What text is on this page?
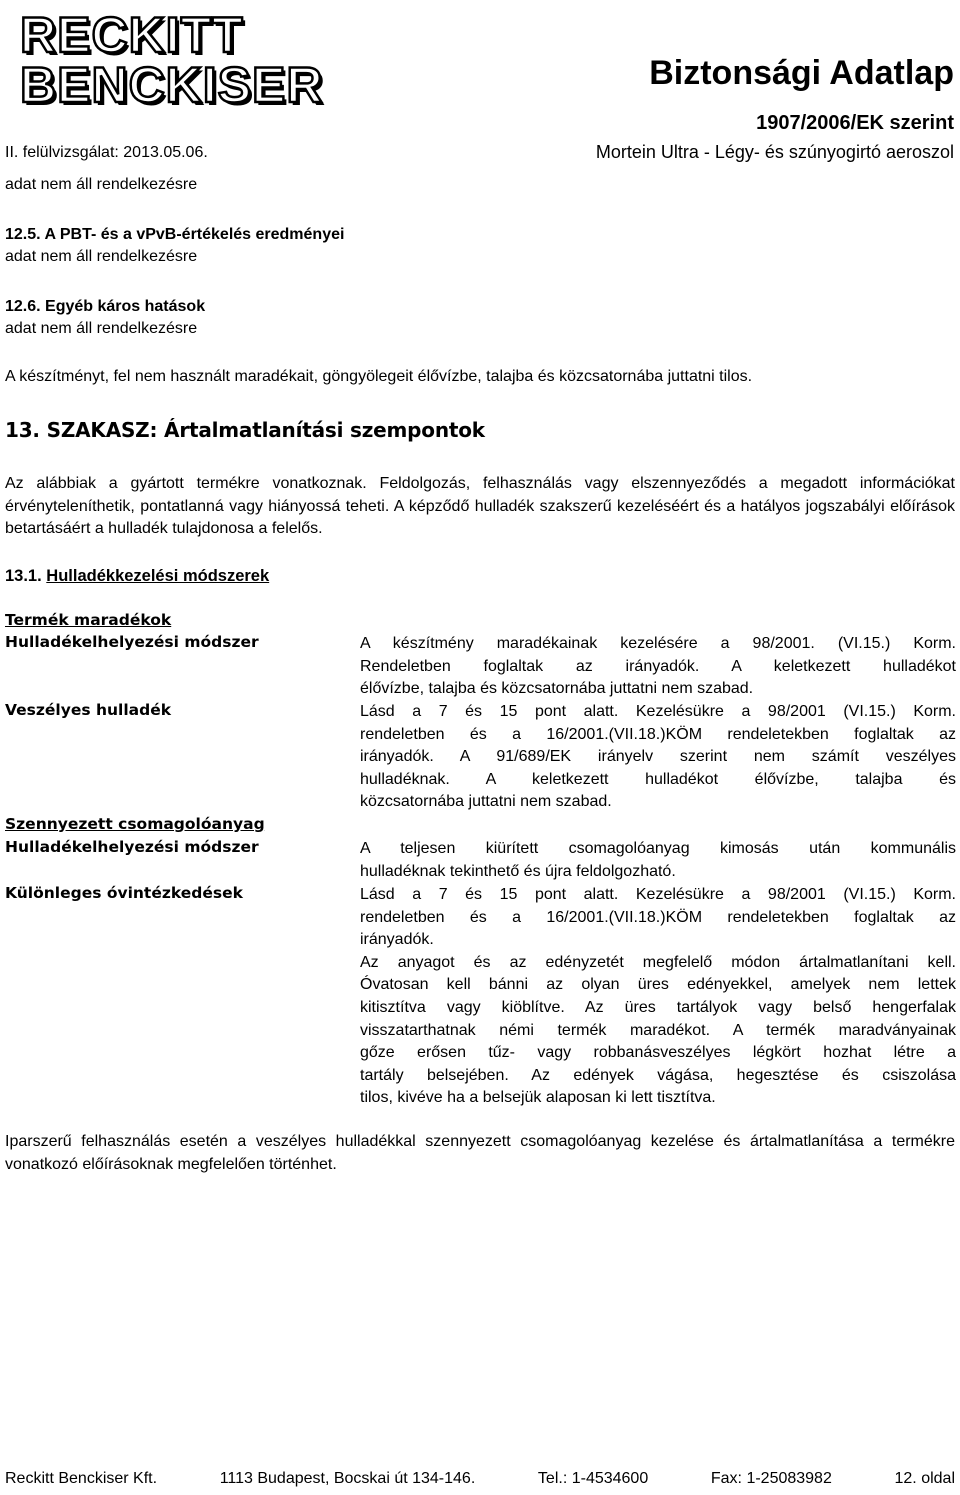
RECKITT
BENCKISER	Biztonsági Adatlap
1907/2006/EK szerint
II. felülvizsgálat: 2013.05.06.	Mortein Ultra - Légy- és szúnyogirtó aeroszol
adat nem áll rendelkezésre
12.5. A PBT- és a vPvB-értékelés eredményei
adat nem áll rendelkezésre
12.6. Egyéb káros hatások
adat nem áll rendelkezésre
A készítményt, fel nem használt maradékait, göngyölegeit élővízbe, talajba és közcsatornába juttatni tilos.
13. SZAKASZ: Ártalmatlanítási szempontok
Az alábbiak a gyártott termékre vonatkoznak. Feldolgozás, felhasználás vagy elszennyeződés a megadott információkat érvényteleníthetik, pontatlanná vagy hiányossá teheti. A képződő hulladék szakszerű kezeléséért és a hatályos jogszabályi előírások betartásáért a hulladék tulajdonosa a felelős.
13.1. Hulladékkezelési módszerek
Termék maradékok
Hulladékelhelyezési módszer	A készítmény maradékainak kezelésére a 98/2001. (VI.15.) Korm.
Rendeletben foglaltak az irányadók. A keletkezett hulladékot
élővízbe, talajba és közcsatornába juttatni nem szabad.
Veszélyes hulladék	Lásd a 7 és 15 pont alatt. Kezelésükre a 98/2001 (VI.15.) Korm.
rendeletben és a 16/2001.(VII.18.)KÖM rendeletekben foglaltak az
irányadók. A 91/689/EK irányelv szerint nem számít veszélyes
hulladéknak. A keletkezett hulladékot élővízbe, talajba és
közcsatornába juttatni nem szabad.
Szennyezett csomagolóanyag
Hulladékelhelyezési módszer	A teljesen kiürített csomagolóanyag kimosás után kommunális
hulladéknak tekinthető és újra feldolgozható.
Különleges óvintézkedések	Lásd a 7 és 15 pont alatt. Kezelésükre a 98/2001 (VI.15.) Korm.
rendeletben és a 16/2001.(VII.18.)KÖM rendeletekben foglaltak az
irányadók.
Az anyagot és az edényzetét megfelelő módon ártalmatlanítani kell.
Óvatosan kell bánni az olyan üres edényekkel, amelyek nem lettek
kitisztítva vagy kiöblítve. Az üres tartályok vagy belső hengerfalak
visszatarthatnak némi termék maradékot. A termék maradványainak
gőze erősen tűz- vagy robbanásveszélyes légkört hozhat létre a
tartály belsejében. Az edények vágása, hegesztése és csiszolása
tilos, kivéve ha a belsejük alaposan ki lett tisztítva.
Iparszerű felhasználás esetén a veszélyes hulladékkal szennyezett csomagolóanyag kezelése és ártalmatlanítása a termékre vonatkozó előírásoknak megfelelően történhet.
Reckitt Benckiser Kft.	1113 Budapest, Bocskai út 134-146.	Tel.: 1-4534600	Fax: 1-25083982	12. oldal
